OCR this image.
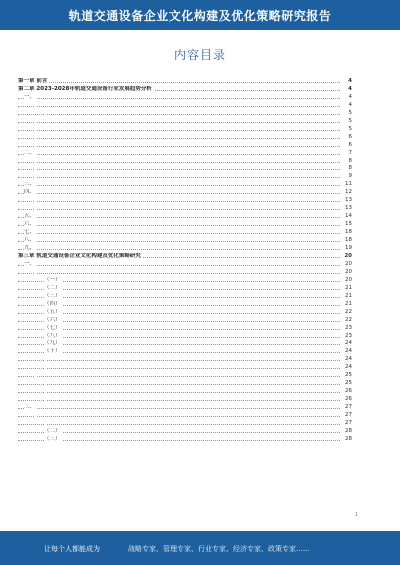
轨道交通设备企业文化构建及优化策略研究报告
内容目录
第一章 前言	4
第二章 2023-2028年轨道交通设备行业发展趋势分析	4
一、	4
4
5
5
5
6
6
二、	7
8
8
9
三、	11
四、	12
13
13
五、	14
六、	15
七、	18
八、	18
九、	19
第三章 轨道交通设备企业文化构建及优化策略研究	20
一、	20
20
（一）	20
（二）	21
（三）	21
（四）	21
（五）	22
（六）	22
（七）	23
（八）	23
（九）	24
（十）	24
24
24
25
25
26
26
二、	27
27
27
（二）	28
（三）	28
1
让每个人都能成为	战略专家、管理专家、行业专家、经济专家、政策专家……
